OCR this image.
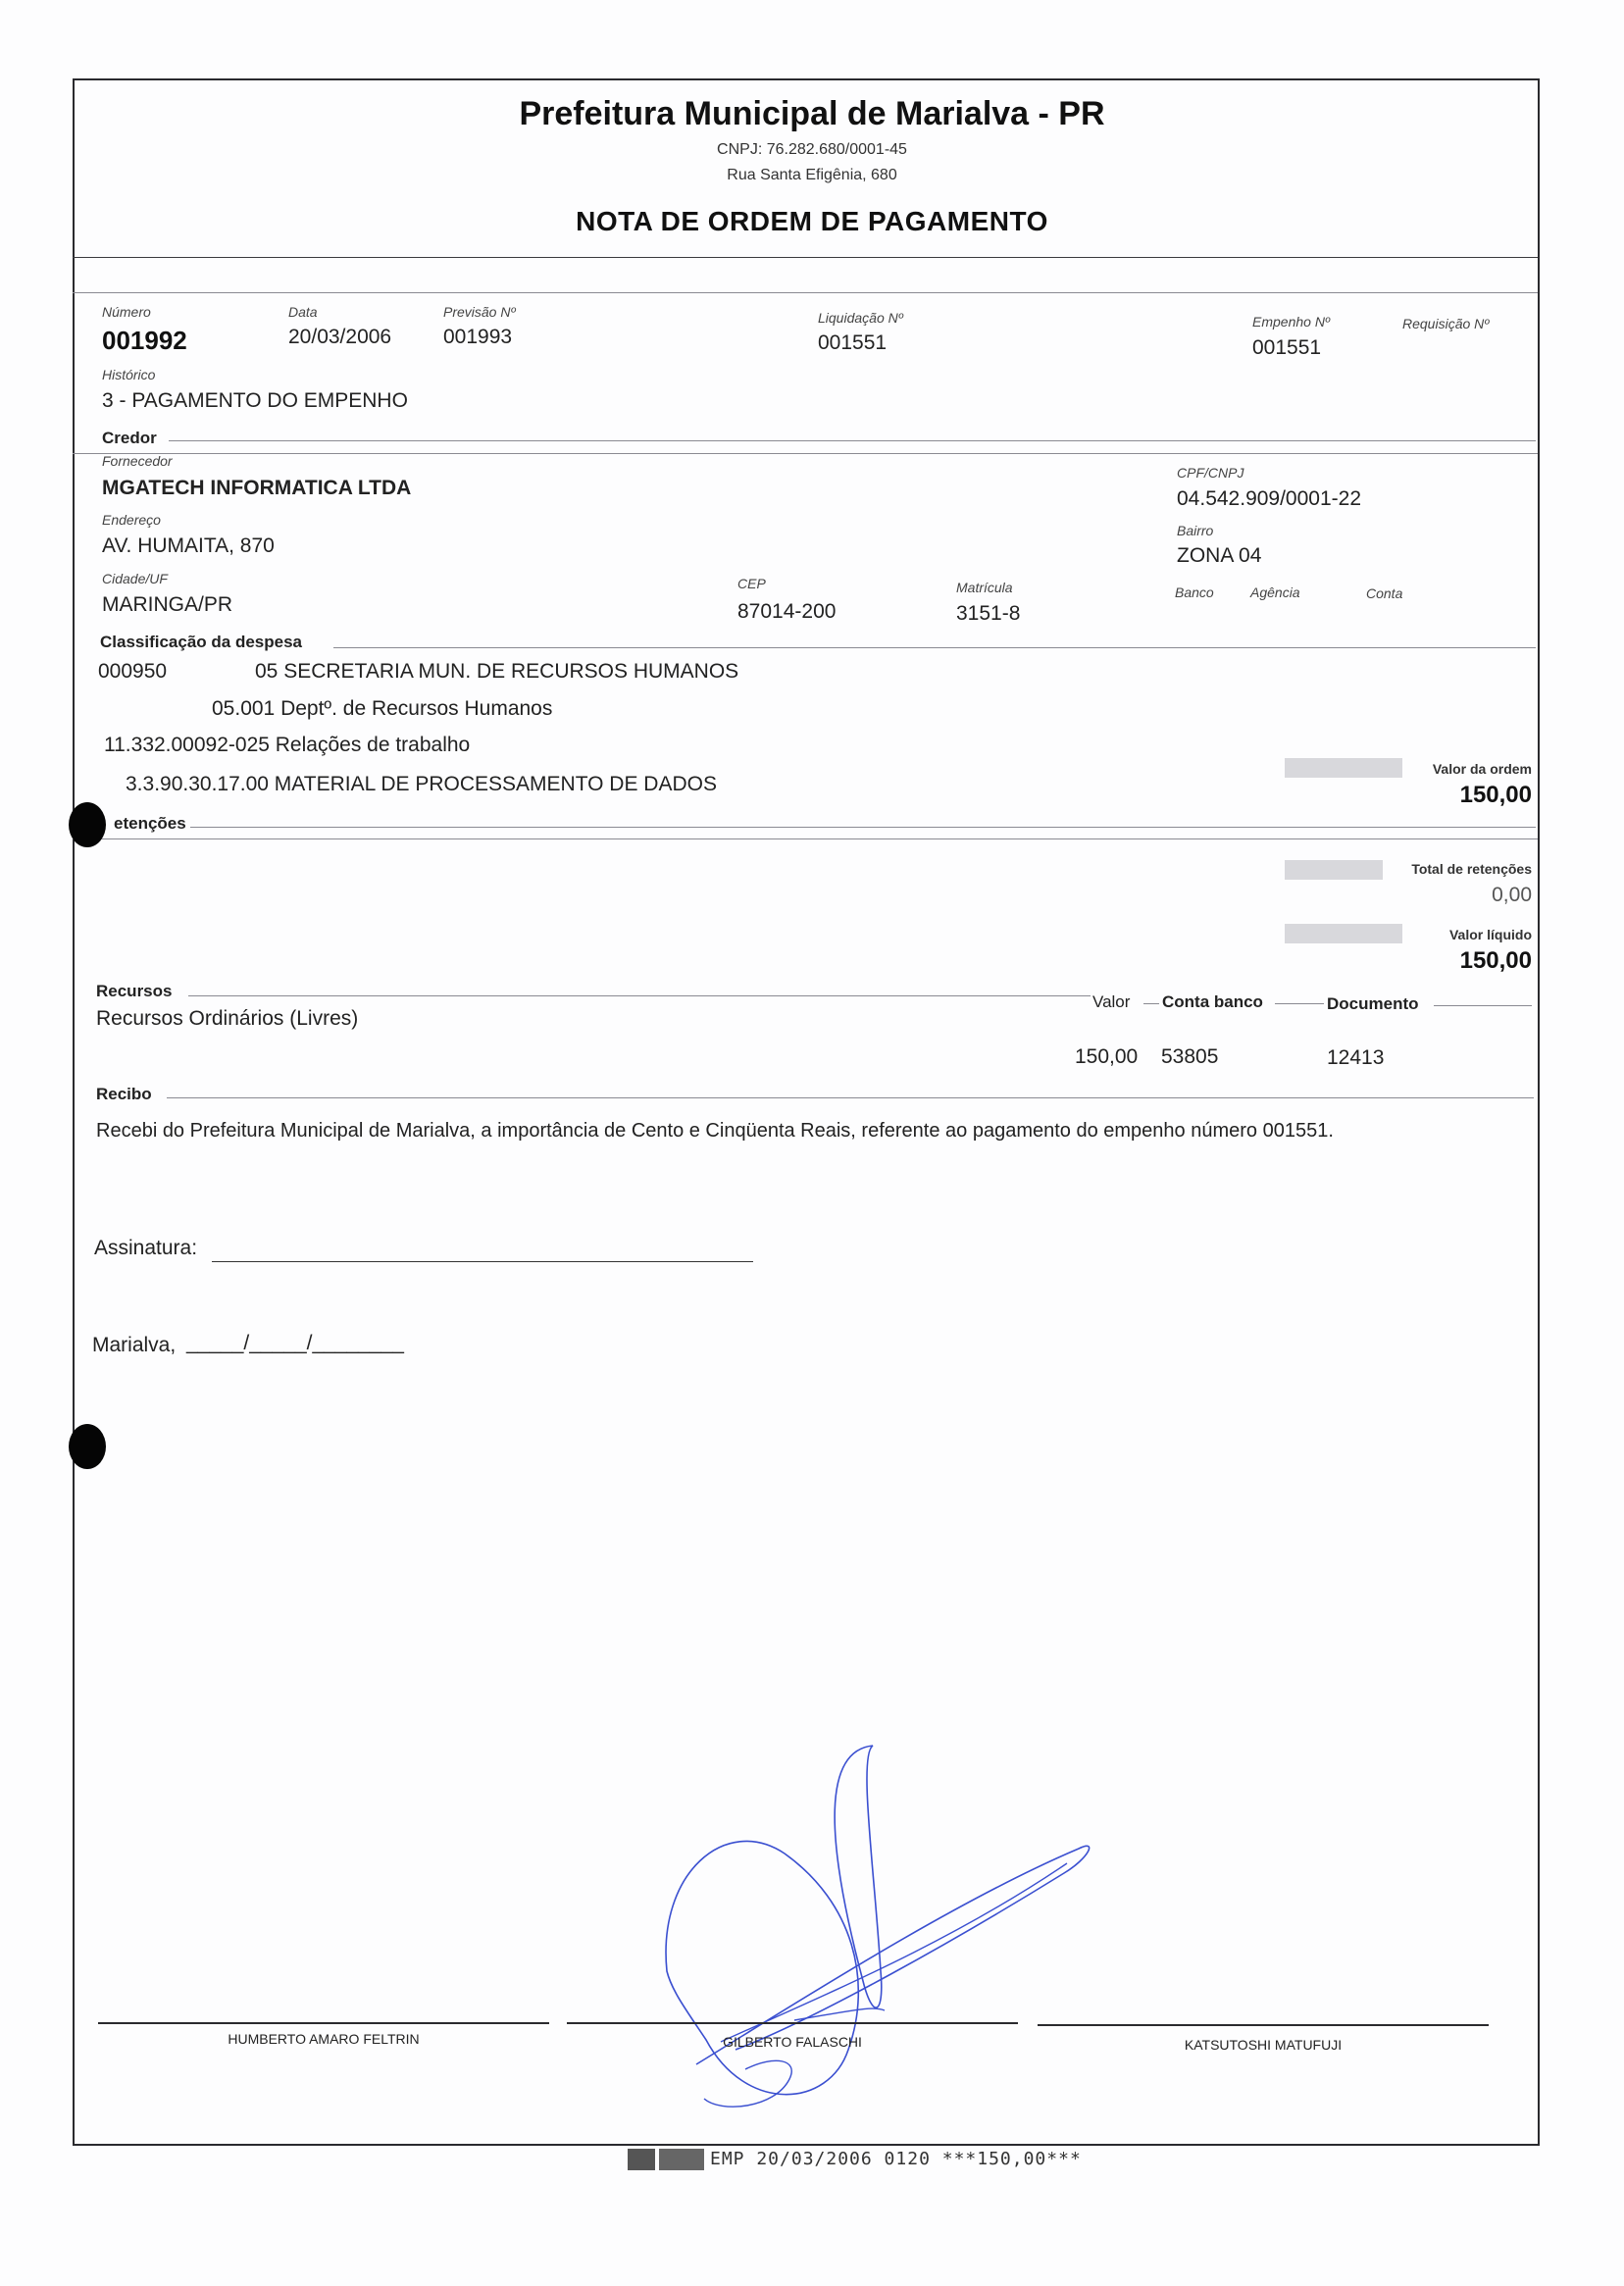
Prefeitura Municipal de Marialva - PR
CNPJ: 76.282.680/0001-45
Rua Santa Efigênia, 680
NOTA DE ORDEM DE PAGAMENTO
Número
001992
Data
20/03/2006
Previsão Nº
001993
Liquidação Nº
001551
Empenho Nº
001551
Requisição Nº
Histórico
3 - PAGAMENTO DO EMPENHO
Credor
Fornecedor
MGATECH INFORMATICA LTDA
CPF/CNPJ
04.542.909/0001-22
Endereço
AV. HUMAITA, 870
Bairro
ZONA 04
Cidade/UF
MARINGA/PR
CEP
87014-200
Matrícula
3151-8
Banco	Agência	Conta
Classificação da despesa
000950	05 SECRETARIA MUN. DE RECURSOS HUMANOS
05.001 Deptº. de Recursos Humanos
11.332.00092-025 Relações de trabalho
3.3.90.30.17.00 MATERIAL DE PROCESSAMENTO DE DADOS
Valor da ordem
150,00
etenções
Total de retenções
0,00
Valor líquido
150,00
Recursos
Recursos Ordinários (Livres)
Valor Conta banco	Documento
150,00 53805	12413
Recibo
Recebi do Prefeitura Municipal de Marialva, a importância de Cento e Cinqüenta Reais, referente ao pagamento do empenho número 001551.
Assinatura:
Marialva, _____/_____/________
HUMBERTO AMARO FELTRIN	GILBERTO FALASCHI	KATSUTOSHI MATUFUJI
EMP 20/03/2006 0120 ***150,00***
